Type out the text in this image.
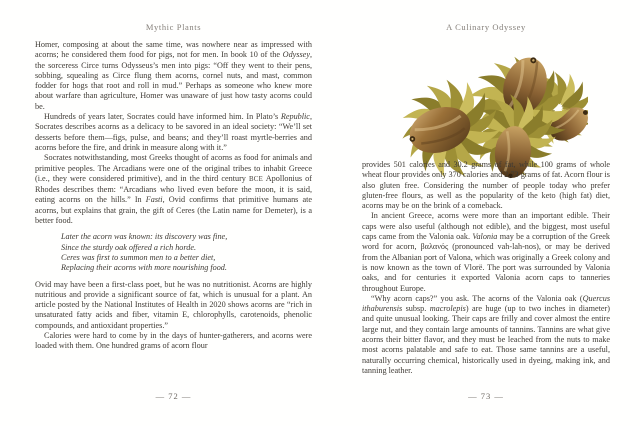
Mythic Plants	A Culinary Odyssey

Homer, composing at about the same time, was nowhere near as impressed with acorns; he considered them food for pigs, not for men. In book 10 of the Odyssey, the sorceress Circe turns Odysseus’s men into pigs: “Off they went to their pens, sobbing, squealing as Circe flung them acorns, cornel nuts, and mast, common fodder for hogs that root and roll in mud.” Perhaps as someone who knew more about warfare than agriculture, Homer was unaware of just how tasty acorns could be.

Hundreds of years later, Socrates could have informed him. In Plato’s Republic, Socrates describes acorns as a delicacy to be savored in an ideal society: “We’ll set desserts before them—figs, pulse, and beans; and they’ll roast myrtle-berries and acorns before the fire, and drink in measure along with it.”

Socrates notwithstanding, most Greeks thought of acorns as food for animals and primitive peoples. The Arcadians were one of the original tribes to inhabit Greece (i.e., they were considered primitive), and in the third century BCE Apollonius of Rhodes describes them: “Arcadians who lived even before the moon, it is said, eating acorns on the hills.” In Fasti, Ovid confirms that primitive humans ate acorns, but explains that grain, the gift of Ceres (the Latin name for Demeter), is a better food.

Later the acorn was known: its discovery was fine,
Since the sturdy oak offered a rich horde.
Ceres was first to summon men to a better diet,
Replacing their acorns with more nourishing food.

Ovid may have been a first-class poet, but he was no nutritionist. Acorns are highly nutritious and provide a significant source of fat, which is unusual for a plant. An article posted by the National Institutes of Health in 2020 shows acorns are “rich in unsaturated fatty acids and fiber, vitamin E, chlorophylls, carotenoids, phenolic compounds, and antioxidant properties.”

Calories were hard to come by in the days of hunter-gatherers, and acorns were loaded with them. One hundred grams of acorn flour

provides 501 calories and 30.2 grams of fat, while 100 grams of whole wheat flour provides only 370 calories and 2.73 grams of fat. Acorn flour is also gluten free. Considering the number of people today who prefer gluten-free flours, as well as the popularity of the keto (high fat) diet, acorns may be on the brink of a comeback.

In ancient Greece, acorns were more than an important edible. Their caps were also useful (although not edible), and the biggest, most useful caps came from the Valonia oak. Valonia may be a corruption of the Greek word for acorn, βαλανός (pronounced vah-lah-nos), or may be derived from the Albanian port of Valona, which was originally a Greek colony and is now known as the town of Vlorë. The port was surrounded by Valonia oaks, and for centuries it exported Valonia acorn caps to tanneries throughout Europe.

“Why acorn caps?” you ask. The acorns of the Valonia oak (Quercus ithaburensis subsp. macrolepis) are huge (up to two inches in diameter) and quite unusual looking. Their caps are frilly and cover almost the entire large nut, and they contain large amounts of tannins. Tannins are what give acorns their bitter flavor, and they must be leached from the nuts to make most acorns palatable and safe to eat. Those same tannins are a useful, naturally occurring chemical, historically used in dyeing, making ink, and tanning leather.

— 72 —	— 73 —
